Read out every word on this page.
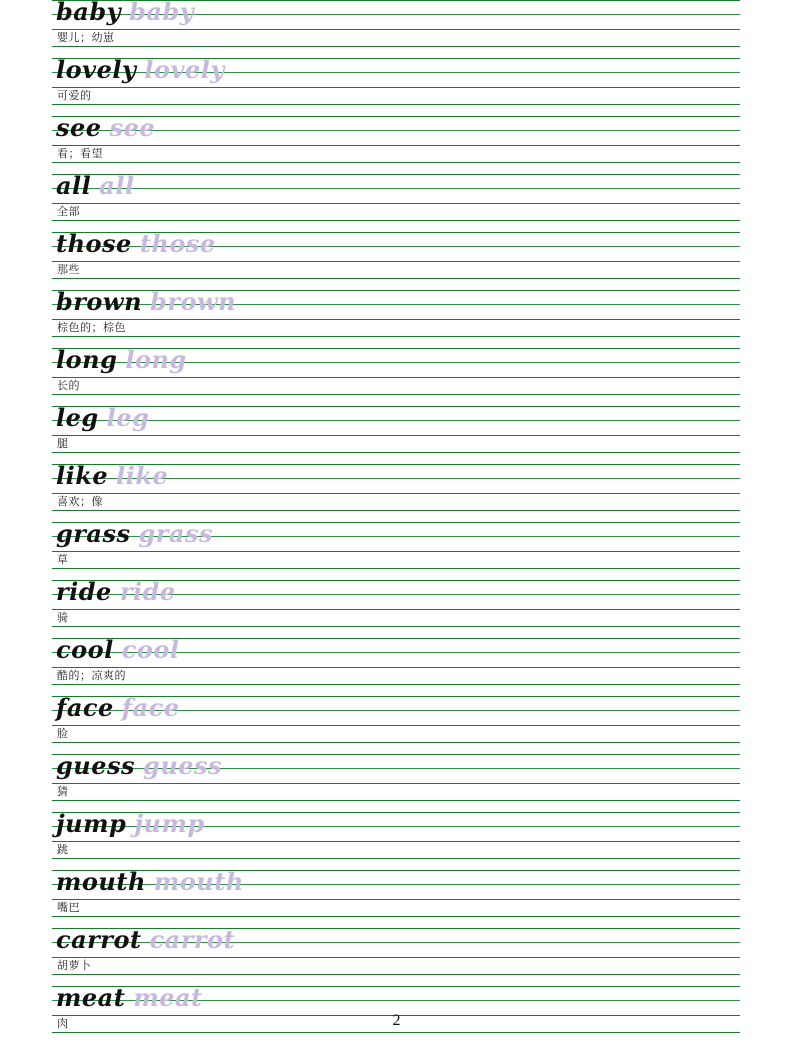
baby baby
婴儿；幼崽
lovely lovely
可爱的
see see
看；看望
all all
全部
those those
那些
brown brown
棕色的；棕色
long long
长的
leg leg
腿
like like
喜欢；像
grass grass
草
ride ride
骑
cool cool
酷的；凉爽的
face face
脸
guess guess
猜
jump jump
跳
mouth mouth
嘴巴
carrot carrot
胡萝卜
meat meat
肉	2
